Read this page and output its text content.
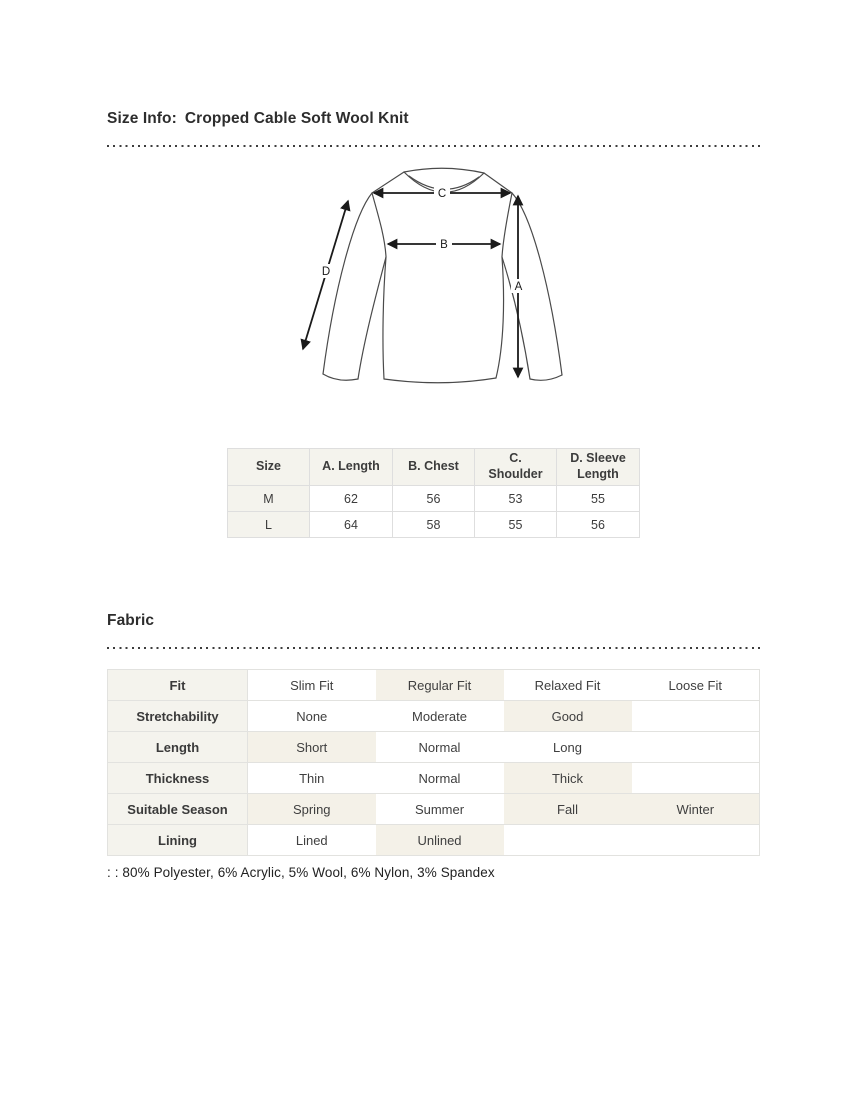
Size Info: Cropped Cable Soft Wool Knit
C
B
A
D
Size	A. Length	B. Chest	C. Shoulder	D. Sleeve Length
M	62	56	53	55
L	64	58	55	56
Fabric
Fit	Slim Fit	Regular Fit	Relaxed Fit	Loose Fit
Stretchability	None	Moderate	Good	
Length	Short	Normal	Long	
Thickness	Thin	Normal	Thick	
Suitable Season	Spring	Summer	Fall	Winter
Lining	Lined	Unlined		

: : 80% Polyester, 6% Acrylic, 5% Wool, 6% Nylon, 3% Spandex
